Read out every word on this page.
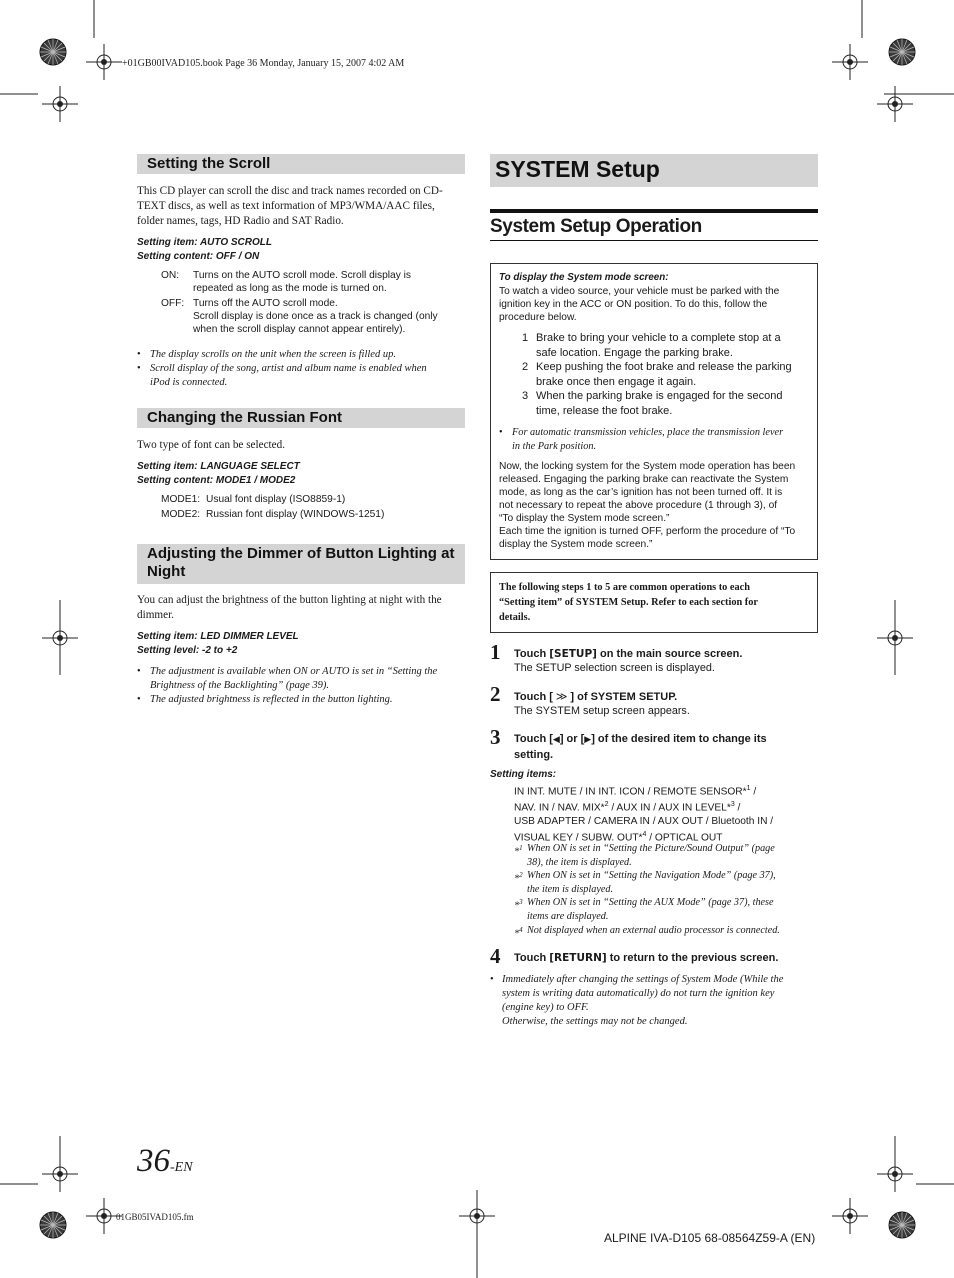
+01GB00IVAD105.book Page 36 Monday, January 15, 2007 4:02 AM
01GB05IVAD105.fm
ALPINE IVA-D105 68-08564Z59-A (EN)
36-EN
Setting the Scroll
This CD player can scroll the disc and track names recorded on CD-
TEXT discs, as well as text information of MP3/WMA/AAC files,
folder names, tags, HD Radio and SAT Radio.
Setting item: AUTO SCROLL
Setting content: OFF / ON
ON: Turns on the AUTO scroll mode. Scroll display is
repeated as long as the mode is turned on.
OFF: Turns off the AUTO scroll mode.
Scroll display is done once as a track is changed (only
when the scroll display cannot appear entirely).
• The display scrolls on the unit when the screen is filled up.
• Scroll display of the song, artist and album name is enabled when
iPod is connected.
Changing the Russian Font
Two type of font can be selected.
Setting item: LANGUAGE SELECT
Setting content: MODE1 / MODE2
MODE1: Usual font display (ISO8859-1)
MODE2: Russian font display (WINDOWS-1251)
Adjusting the Dimmer of Button Lighting at
Night
You can adjust the brightness of the button lighting at night with the
dimmer.
Setting item: LED DIMMER LEVEL
Setting level: -2 to +2
• The adjustment is available when ON or AUTO is set in “Setting the
Brightness of the Backlighting” (page 39).
• The adjusted brightness is reflected in the button lighting.
SYSTEM Setup
System Setup Operation
To display the System mode screen:
To watch a video source, your vehicle must be parked with the
ignition key in the ACC or ON position. To do this, follow the
procedure below.
1 Brake to bring your vehicle to a complete stop at a
safe location. Engage the parking brake.
2 Keep pushing the foot brake and release the parking
brake once then engage it again.
3 When the parking brake is engaged for the second
time, release the foot brake.
• For automatic transmission vehicles, place the transmission lever
in the Park position.
Now, the locking system for the System mode operation has been
released. Engaging the parking brake can reactivate the System
mode, as long as the car’s ignition has not been turned off. It is
not necessary to repeat the above procedure (1 through 3), of
“To display the System mode screen.”
Each time the ignition is turned OFF, perform the procedure of “To
display the System mode screen.”
The following steps 1 to 5 are common operations to each
“Setting item” of SYSTEM Setup. Refer to each section for
details.
1 Touch [SETUP] on the main source screen.
The SETUP selection screen is displayed.
2 Touch [ ≫ ] of SYSTEM SETUP.
The SYSTEM setup screen appears.
3 Touch [◀] or [▶] of the desired item to change its
setting.
Setting items:
IN INT. MUTE / IN INT. ICON / REMOTE SENSOR*$^1$ /
NAV. IN / NAV. MIX*$^2$ / AUX IN / AUX IN LEVEL*$^3$ /
USB ADAPTER / CAMERA IN / AUX OUT / Bluetooth IN /
VISUAL KEY / SUBW. OUT*$^4$ / OPTICAL OUT
*$^1$ When ON is set in “Setting the Picture/Sound Output” (page
38), the item is displayed.
*$^2$ When ON is set in “Setting the Navigation Mode” (page 37),
the item is displayed.
*$^3$ When ON is set in “Setting the AUX Mode” (page 37), these
items are displayed.
*$^4$ Not displayed when an external audio processor is connected.
4 Touch [RETURN] to return to the previous screen.
• Immediately after changing the settings of System Mode (While the
system is writing data automatically) do not turn the ignition key
(engine key) to OFF.
Otherwise, the settings may not be changed.
